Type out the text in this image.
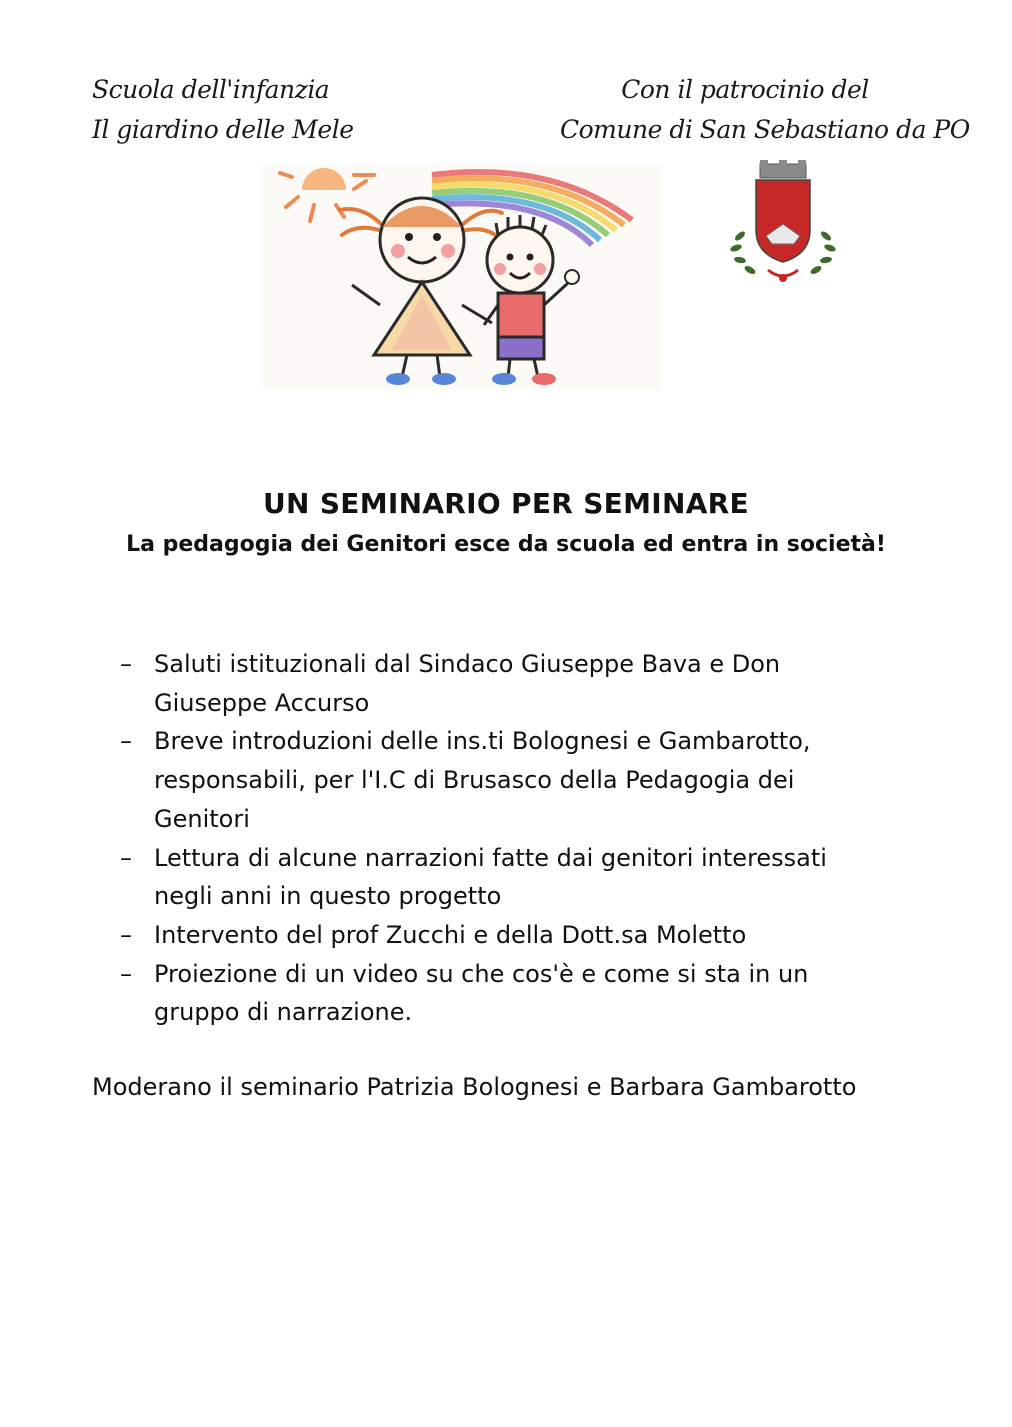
Scuola dell'infanzia
Il giardino delle Mele
Con il patrocinio del
Comune di San Sebastiano da PO
UN SEMINARIO PER SEMINARE
La pedagogia dei Genitori esce da scuola ed entra in società!
–
Saluti istituzionali dal Sindaco Giuseppe Bava e Don
Giuseppe Accurso
–
Breve introduzioni delle ins.ti Bolognesi e Gambarotto,
responsabili, per l'I.C di Brusasco della Pedagogia dei
Genitori
–
Lettura di alcune narrazioni fatte dai genitori interessati
negli anni in questo progetto
–
Intervento del prof Zucchi e della Dott.sa Moletto
–
Proiezione di un video su che cos'è e come si sta in un
gruppo di narrazione.
Moderano il seminario Patrizia Bolognesi e Barbara Gambarotto
